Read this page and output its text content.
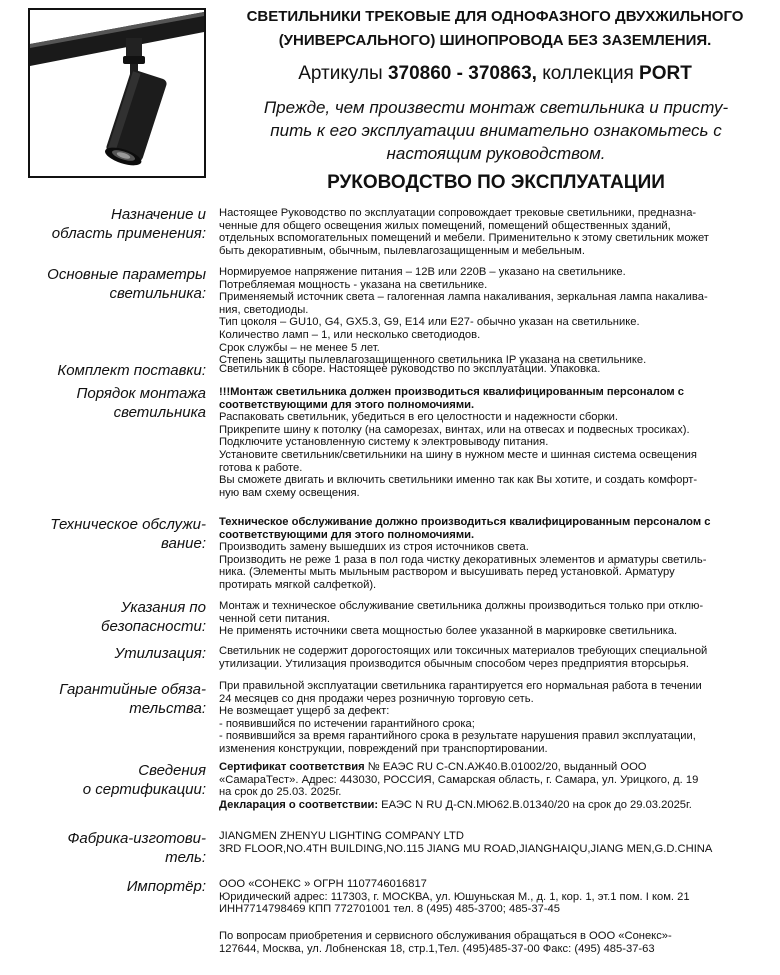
СВЕТИЛЬНИКИ ТРЕКОВЫЕ ДЛЯ ОДНОФАЗНОГО ДВУХЖИЛЬНОГО
(УНИВЕРСАЛЬНОГО) ШИНОПРОВОДА БЕЗ ЗАЗЕМЛЕНИЯ.
Артикулы 370860 - 370863, коллекция PORT
Прежде, чем произвести монтаж светильника и присту-
пить к его эксплуатации внимательно ознакомьтесь с
настоящим руководством.
РУКОВОДСТВО ПО ЭКСПЛУАТАЦИИ
Назначение и
область применения:
Настоящее Руководство по эксплуатации сопровождает трековые светильники, предназна-
ченные для общего освещения жилых помещений, помещений общественных зданий,
отдельных вспомогательных помещений и мебели. Применительно к этому светильник может
быть декоративным, обычным, пылевлагозащищенным и мебельным.
Основные параметры
светильника:
Нормируемое напряжение питания – 12В или 220В – указано на светильнике.
Потребляемая мощность - указана на светильнике.
Применяемый источник света – галогенная лампа накаливания, зеркальная лампа накалива-
ния, светодиоды.
Тип цоколя – GU10, G4, GX5.3, G9, E14 или E27- обычно указан на светильнике.
Количество ламп – 1, или несколько светодиодов.
Срок службы – не менее 5 лет.
Степень защиты пылевлагозащищенного светильника IP указана на светильнике.
Комплект поставки: Светильник в сборе. Настоящее руководство по эксплуатации. Упаковка.
Порядок монтажа
светильника
!!!Монтаж светильника должен производиться квалифицированным персоналом с
соответствующими для этого полномочиями.
Распаковать светильник, убедиться в его целостности и надежности сборки.
Прикрепите шину к потолку (на саморезах, винтах, или на отвесах и подвесных тросиках).
Подключите установленную систему к электровыводу питания.
Установите светильник/светильники на шину в нужном месте и шинная система освещения
готова к работе.
Вы сможете двигать и включить светильники именно так как Вы хотите, и создать комфорт-
ную вам схему освещения.
Техническое обслужи-
вание:
Техническое обслуживание должно производиться квалифицированным персоналом с
соответствующими для этого полномочиями.
Производить замену вышедших из строя источников света.
Производить не реже 1 раза в пол года чистку декоративных элементов и арматуры светиль-
ника. (Элементы мыть мыльным раствором и высушивать перед установкой. Арматуру
протирать мягкой салфеткой).
Указания по
безопасности:
Монтаж и техническое обслуживание светильника должны производиться только при отклю-
ченной сети питания.
Не применять источники света мощностью более указанной в маркировке светильника.
Утилизация: Светильник не содержит дорогостоящих или токсичных материалов требующих специальной
утилизации. Утилизация производится обычным способом через предприятия вторсырья.
Гарантийные обяза-
тельства:
При правильной эксплуатации светильника гарантируется его нормальная работа в течении
24 месяцев со дня продажи через розничную торговую сеть.
Не возмещает ущерб за дефект:
- появившийся по истечении гарантийного срока;
- появившийся за время гарантийного срока в результате нарушения правил эксплуатации,
изменения конструкции, повреждений при транспортировании.
Сведения
о сертификации:
Сертификат соответствия № ЕАЭС RU С-CN.АЖ40.В.01002/20, выданный ООО
«СамараТест». Адрес: 443030, РОССИЯ, Самарская область, г. Самара, ул. Урицкого, д. 19
на срок до 25.03. 2025г.
Декларация о соответствии: ЕАЭС N RU Д-CN.МЮ62.В.01340/20 на срок до 29.03.2025г.
Фабрика-изготови-
тель:
JIANGMEN ZHENYU LIGHTING COMPANY LTD
3RD FLOOR,NO.4TH BUILDING,NO.115 JIANG MU ROAD,JIANGHAIQU,JIANG MEN,G.D.CHINA
Импортёр: ООО «СОНЕКС » ОГРН 1107746016817
Юридический адрес: 117303, г. МОСКВА, ул. Юшуньская М., д. 1, кор. 1, эт.1 пом. I ком. 21
ИНН7714798469 КПП 772701001 тел. 8 (495) 485-3700; 485-37-45
По вопросам приобретения и сервисного обслуживания обращаться в ООО «Сонекс»-
127644, Москва, ул. Лобненская 18, стр.1,Тел. (495)485-37-00 Факс: (495) 485-37-63
